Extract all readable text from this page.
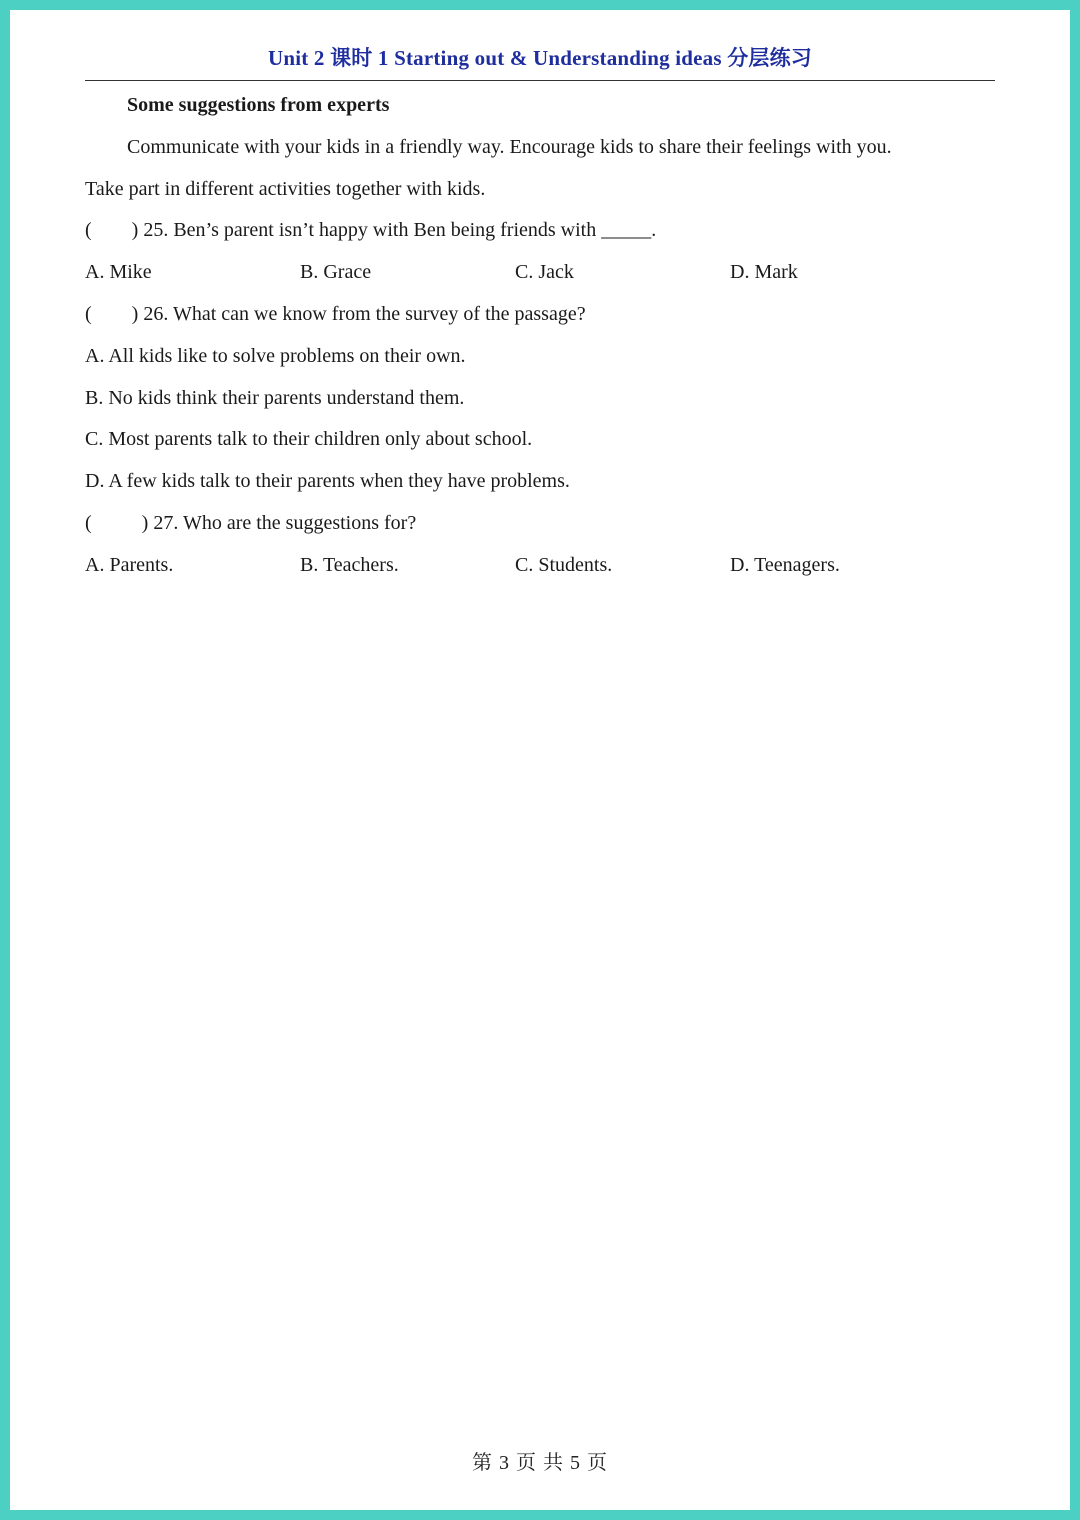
Unit 2 课时 1 Starting out & Understanding ideas 分层练习
Some suggestions from experts
Communicate with your kids in a friendly way. Encourage kids to share their feelings with you.
Take part in different activities together with kids.
(        ) 25. Ben’s parent isn’t happy with Ben being friends with _____.
A. Mike	B. Grace	C. Jack	D. Mark
(        ) 26. What can we know from the survey of the passage?
A. All kids like to solve problems on their own.
B. No kids think their parents understand them.
C. Most parents talk to their children only about school.
D. A few kids talk to their parents when they have problems.
(          ) 27. Who are the suggestions for?
A. Parents.	B. Teachers.	C. Students.	D. Teenagers.
第 3 页 共 5 页
